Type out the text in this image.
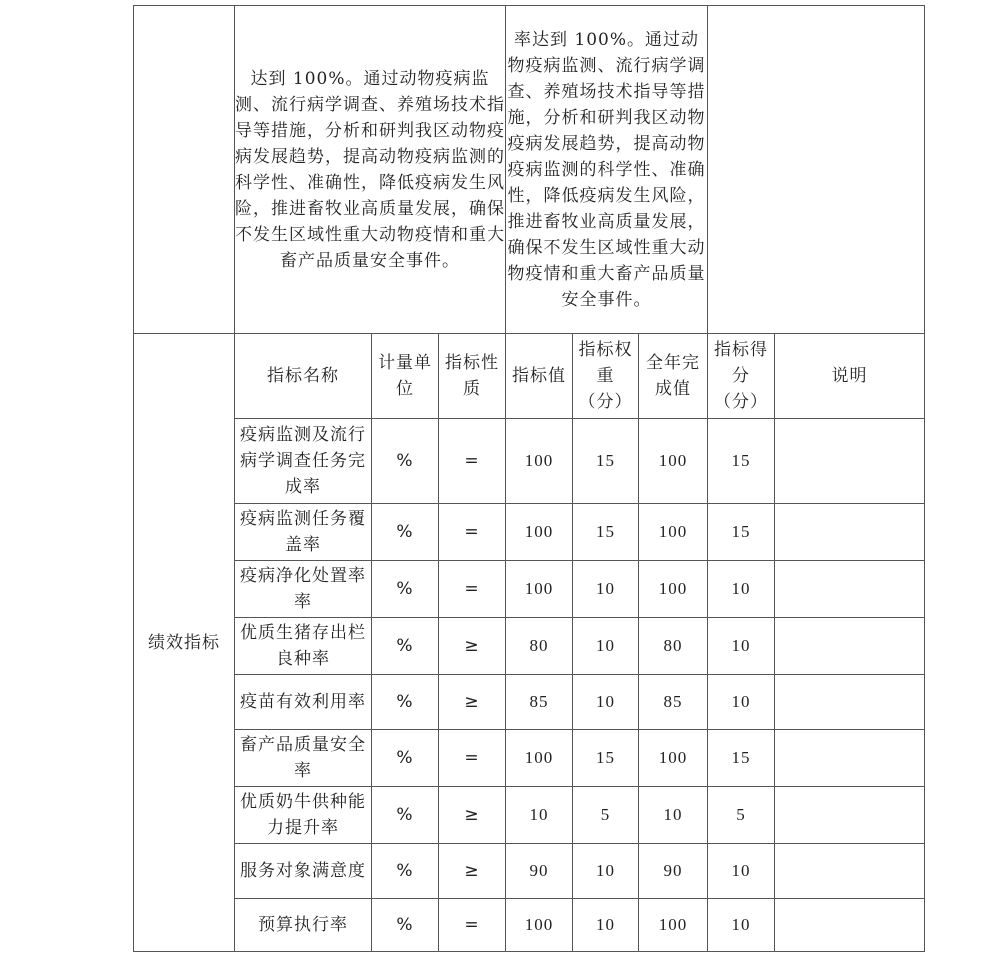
	达到 100%。通过动物疫病监测、流行病学调查、养殖场技术指导等措施，分析和研判我区动物疫病发展趋势，提高动物疫病监测的科学性、准确性，降低疫病发生风险，推进畜牧业高质量发展，确保不发生区域性重大动物疫情和重大畜产品质量安全事件。			率达到 100%。通过动物疫病监测、流行病学调查、养殖场技术指导等措施，分析和研判我区动物疫病发展趋势，提高动物疫病监测的科学性、准确性，降低疫病发生风险，推进畜牧业高质量发展，确保不发生区域性重大动物疫情和重大畜产品质量安全事件。				
绩效指标	指标名称	计量单位	指标性质	指标值	指标权重（分）	全年完成值	指标得分（分）	说明
	疫病监测及流行病学调查任务完成率	%	=	100	15	100	15	
	疫病监测任务覆盖率	%	=	100	15	100	15	
	疫病净化处置率率	%	=	100	10	100	10	
	优质生猪存出栏良种率	%	≥	80	10	80	10	
	疫苗有效利用率	%	≥	85	10	85	10	
	畜产品质量安全率	%	=	100	15	100	15	
	优质奶牛供种能力提升率	%	≥	10	5	10	5	
	服务对象满意度	%	≥	90	10	90	10	
	预算执行率	%	=	100	10	100	10	
